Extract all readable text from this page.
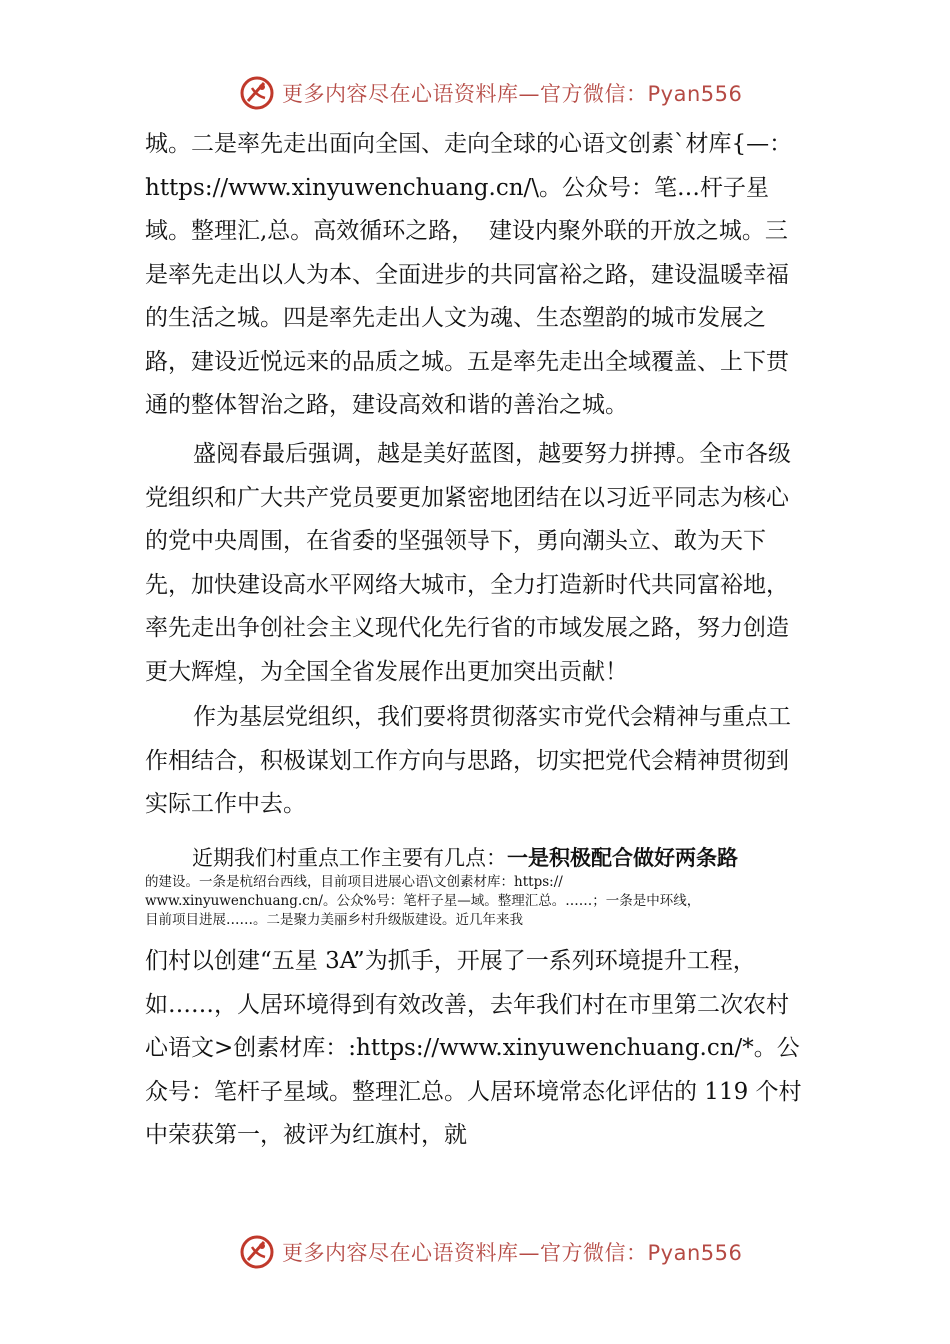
更多内容尽在心语资料库—官方微信：Pyan556

城。二是率先走出面向全国、走向全球的心语文创素`材库{—：https://www.xinyuwenchuang.cn/\。公众号：笔…杆子星域。整理汇,总。高效循环之路，  建设内聚外联的开放之城。三是率先走出以人为本、全面进步的共同富裕之路，建设温暖幸福的生活之城。四是率先走出人文为魂、生态塑韵的城市发展之路，建设近悦远来的品质之城。五是率先走出全域覆盖、上下贯通的整体智治之路，建设高效和谐的善治之城。

盛阅春最后强调，越是美好蓝图，越要努力拼搏。全市各级党组织和广大共产党员要更加紧密地团结在以习近平同志为核心的党中央周围，在省委的坚强领导下，勇向潮头立、敢为天下先，加快建设高水平网络大城市，全力打造新时代共同富裕地，率先走出争创社会主义现代化先行省的市域发展之路，努力创造更大辉煌，为全国全省发展作出更加突出贡献！

作为基层党组织，我们要将贯彻落实市党代会精神与重点工作相结合，积极谋划工作方向与思路，切实把党代会精神贯彻到实际工作中去。

近期我们村重点工作主要有几点：一是积极配合做好两条路

的建设。一条是杭绍台西线，目前项目进展心语\文创素材库：https://
www.xinyuwenchuang.cn/。公众%号：笔杆子星—域。整理汇总。……；一条是中环线，
目前项目进展……。二是聚力美丽乡村升级版建设。近几年来我

们村以创建“五星 3A”为抓手，开展了一系列环境提升工程，如……，人居环境得到有效改善，去年我们村在市里第二次农村心语文>创素材库：:https://www.xinyuwenchuang.cn/*。公众号：笔杆子星域。整理汇总。人居环境常态化评估的 119 个村中荣获第一，被评为红旗村，就

更多内容尽在心语资料库—官方微信：Pyan556
